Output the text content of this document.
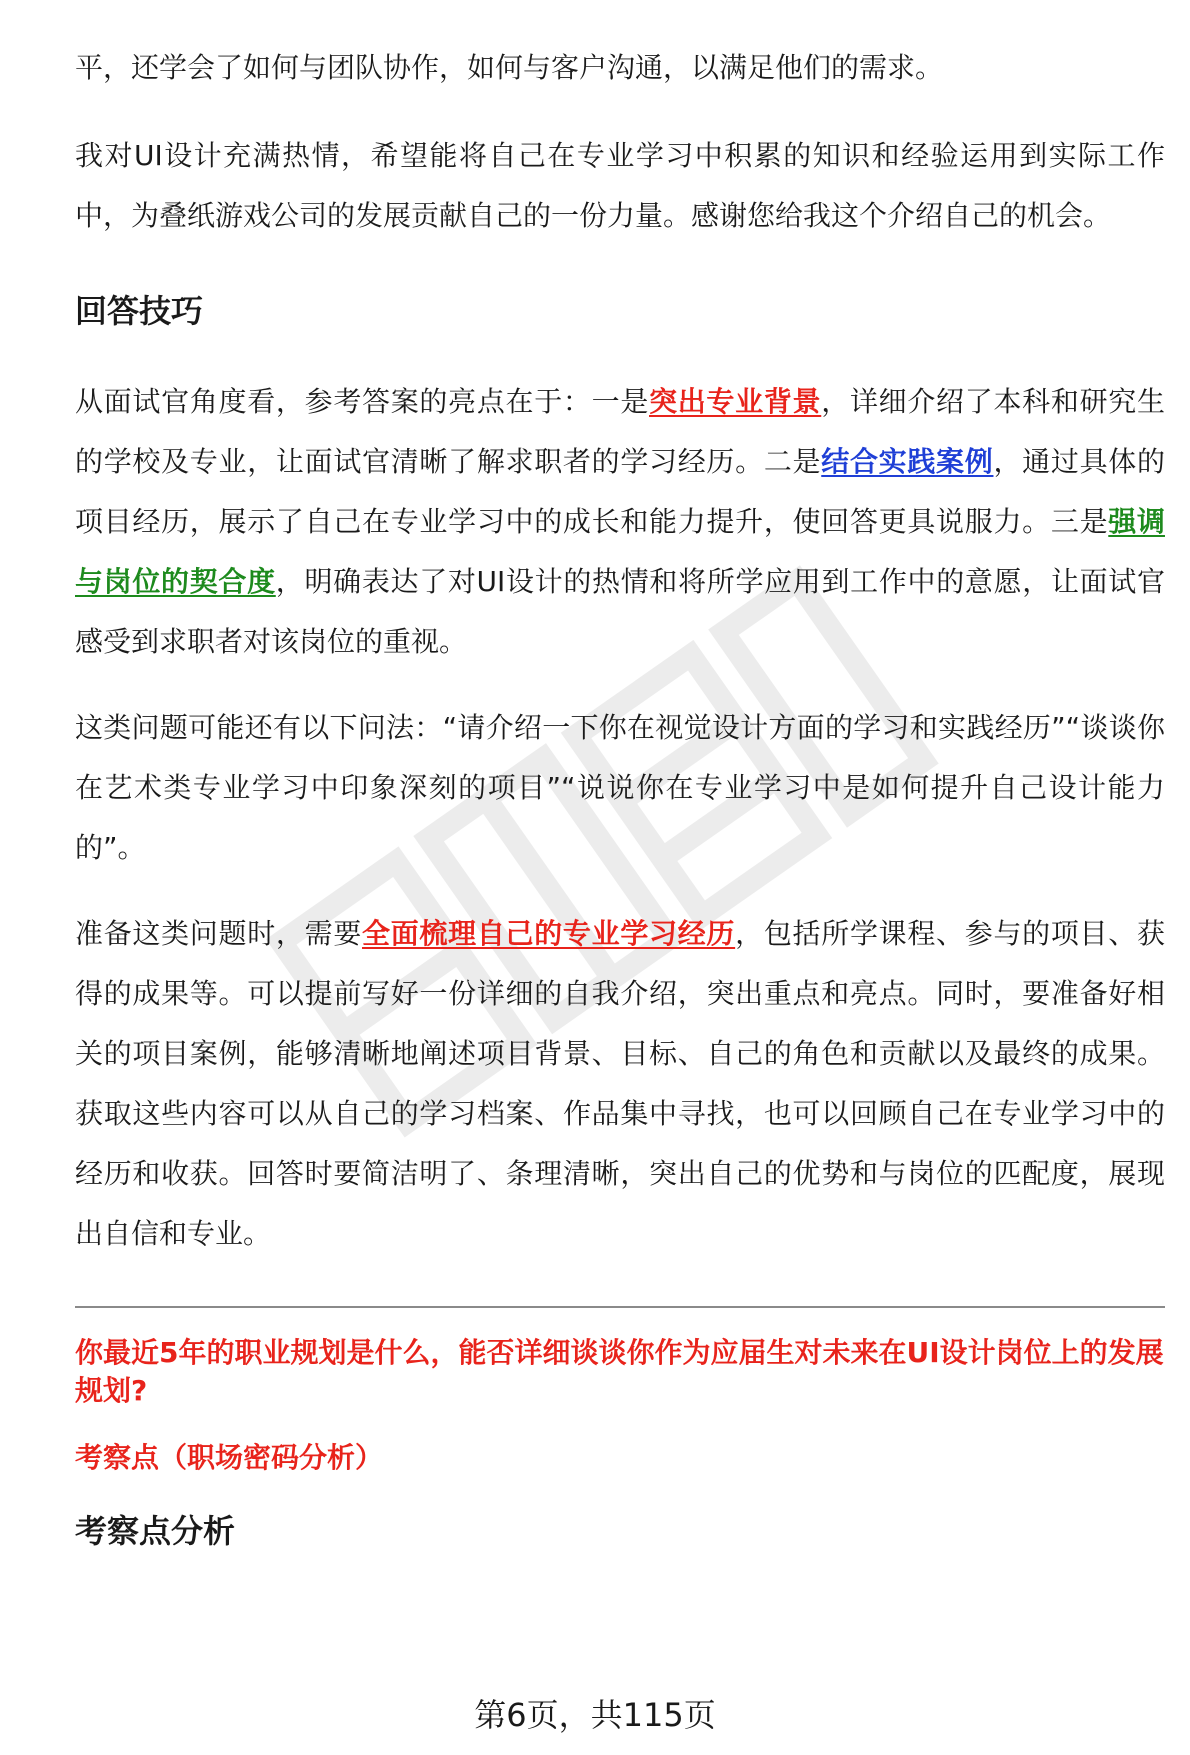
平，还学会了如何与团队协作，如何与客户沟通，以满足他们的需求。

我对UI设计充满热情，希望能将自己在专业学习中积累的知识和经验运用到实际工作中，为叠纸游戏公司的发展贡献自己的一份力量。感谢您给我这个介绍自己的机会。

回答技巧

从面试官角度看，参考答案的亮点在于：一是突出专业背景，详细介绍了本科和研究生的学校及专业，让面试官清晰了解求职者的学习经历。二是结合实践案例，通过具体的项目经历，展示了自己在专业学习中的成长和能力提升，使回答更具说服力。三是强调与岗位的契合度，明确表达了对UI设计的热情和将所学应用到工作中的意愿，让面试官感受到求职者对该岗位的重视。

这类问题可能还有以下问法：“请介绍一下你在视觉设计方面的学习和实践经历”“谈谈你在艺术类专业学习中印象深刻的项目”“说说你在专业学习中是如何提升自己设计能力的”。

准备这类问题时，需要全面梳理自己的专业学习经历，包括所学课程、参与的项目、获得的成果等。可以提前写好一份详细的自我介绍，突出重点和亮点。同时，要准备好相关的项目案例，能够清晰地阐述项目背景、目标、自己的角色和贡献以及最终的成果。获取这些内容可以从自己的学习档案、作品集中寻找，也可以回顾自己在专业学习中的经历和收获。回答时要简洁明了、条理清晰，突出自己的优势和与岗位的匹配度，展现出自信和专业。

你最近5年的职业规划是什么，能否详细谈谈你作为应届生对未来在UI设计岗位上的发展规划?
考察点（职场密码分析）
考察点分析
第6页，共115页
